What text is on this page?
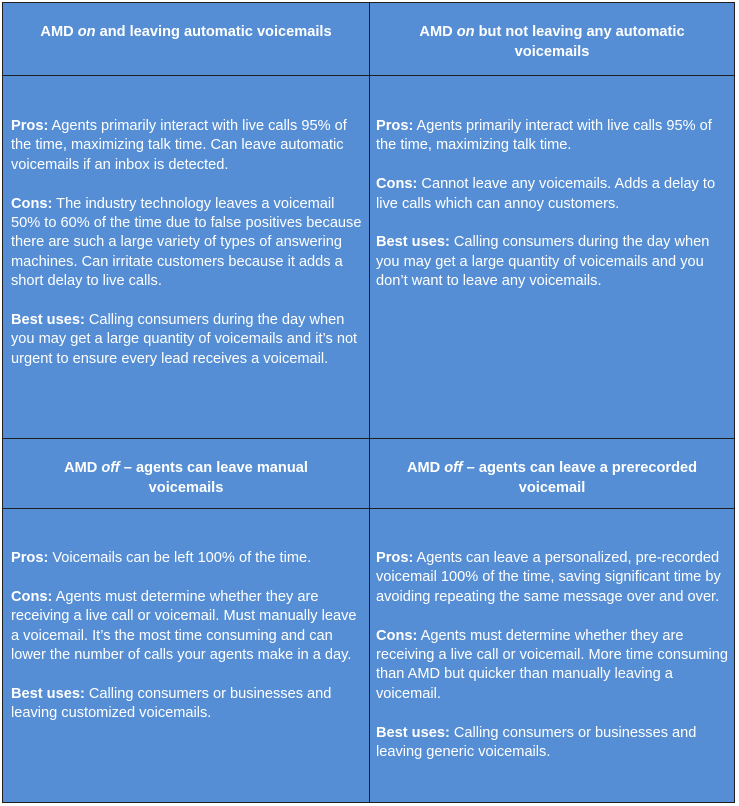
AMD on and leaving automatic voicemails	AMD on but not leaving any automatic voicemails

Pros: Agents primarily interact with live calls 95% of the time, maximizing talk time. Can leave automatic voicemails if an inbox is detected.

Cons: The industry technology leaves a voicemail 50% to 60% of the time due to false positives because there are such a large variety of types of answering machines. Can irritate customers because it adds a short delay to live calls.

Best uses: Calling consumers during the day when you may get a large quantity of voicemails and it’s not urgent to ensure every lead receives a voicemail.

Pros: Agents primarily interact with live calls 95% of the time, maximizing talk time.

Cons: Cannot leave any voicemails. Adds a delay to live calls which can annoy customers.

Best uses: Calling consumers during the day when you may get a large quantity of voicemails and you don’t want to leave any voicemails.

AMD off – agents can leave manual voicemails
AMD off – agents can leave a prerecorded voicemail

Pros: Voicemails can be left 100% of the time.

Cons: Agents must determine whether they are receiving a live call or voicemail. Must manually leave a voicemail. It’s the most time consuming and can lower the number of calls your agents make in a day.

Best uses: Calling consumers or businesses and leaving customized voicemails.

Pros: Agents can leave a personalized, pre-recorded voicemail 100% of the time, saving significant time by avoiding repeating the same message over and over.

Cons: Agents must determine whether they are receiving a live call or voicemail. More time consuming than AMD but quicker than manually leaving a voicemail.

Best uses: Calling consumers or businesses and leaving generic voicemails.
